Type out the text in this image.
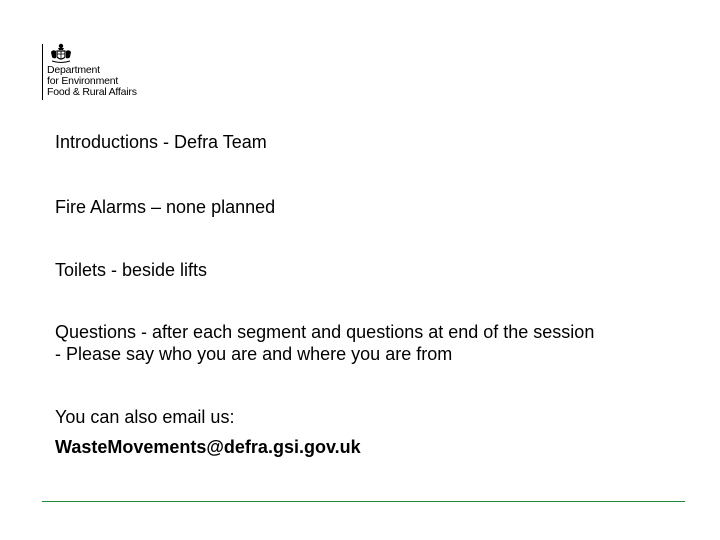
Department
for Environment
Food & Rural Affairs
Introductions - Defra Team
Fire Alarms – none planned
Toilets - beside lifts
Questions - after each segment and questions at end of the session
- Please say who you are and where you are from
You can also email us:
WasteMovements@defra.gsi.gov.uk
